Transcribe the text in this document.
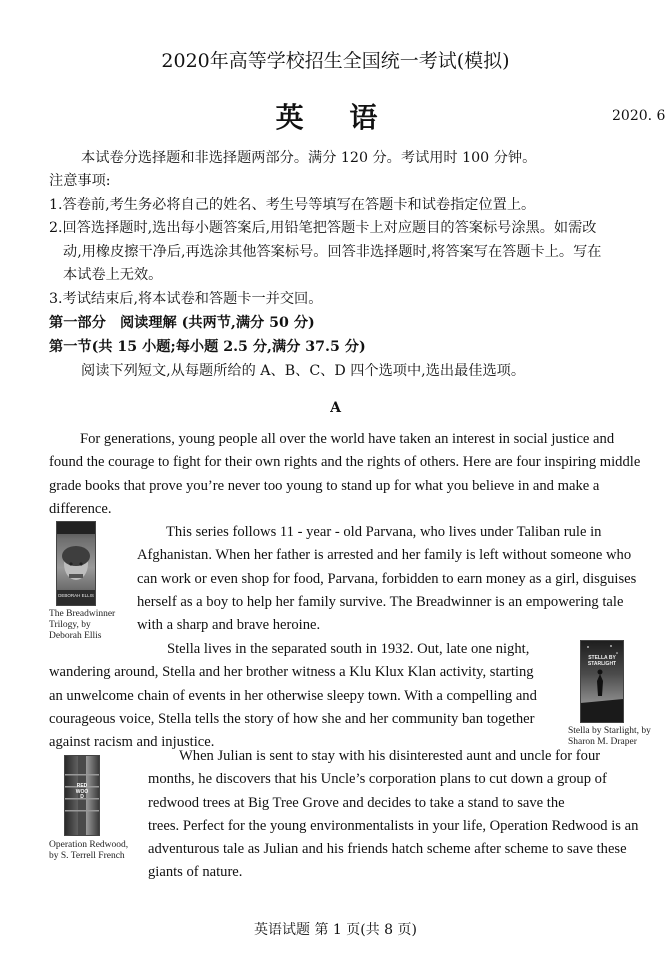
2020年高等学校招生全国统一考试(模拟)
英 语	2020. 6
本试卷分选择题和非选择题两部分。满分 120 分。考试用时 100 分钟。
注意事项:
1.答卷前,考生务必将自己的姓名、考生号等填写在答题卡和试卷指定位置上。
2.回答选择题时,选出每小题答案后,用铅笔把答题卡上对应题目的答案标号涂黑。如需改
动,用橡皮擦干净后,再选涂其他答案标号。回答非选择题时,将答案写在答题卡上。写在
本试卷上无效。
3.考试结束后,将本试卷和答题卡一并交回。
第一部分　阅读理解 (共两节,满分 50 分)
第一节(共 15 小题;每小题 2.5 分,满分 37.5 分)
阅读下列短文,从每题所给的 A、B、C、D 四个选项中,选出最佳选项。
A
For generations, young people all over the world have taken an interest in social justice and
found the courage to fight for their own rights and the rights of others. Here are four inspiring middle
grade books that prove you’re never too young to stand up for what you believe in and make a
difference.
DEBORAH ELLIS
The Breadwinner
Trilogy, by
Deborah Ellis
This series follows 11 - year - old Parvana, who lives under Taliban rule in
Afghanistan. When her father is arrested and her family is left without someone who
can work or even shop for food, Parvana, forbidden to earn money as a girl, disguises
herself as a boy to help her family survive. The Breadwinner is an empowering tale
with a sharp and brave heroine.
Stella lives in the separated south in 1932. Out, late one night,
wandering around, Stella and her brother witness a Klu Klux Klan activity, starting
an unwelcome chain of events in her otherwise sleepy town. With a compelling and
courageous voice, Stella tells the story of how she and her community ban together
against racism and injustice.
STELLA BY STARLIGHT
Stella by Starlight, by
Sharon M. Draper
REDWOOD
Operation Redwood,
by S. Terrell French
When Julian is sent to stay with his disinterested aunt and uncle for four
months, he discovers that his Uncle’s corporation plans to cut down a group of
redwood trees at Big Tree Grove and decides to take a stand to save the
trees. Perfect for the young environmentalists in your life, Operation Redwood is an
adventurous tale as Julian and his friends hatch scheme after scheme to save these
giants of nature.
英语试题 第 1 页(共 8 页)
